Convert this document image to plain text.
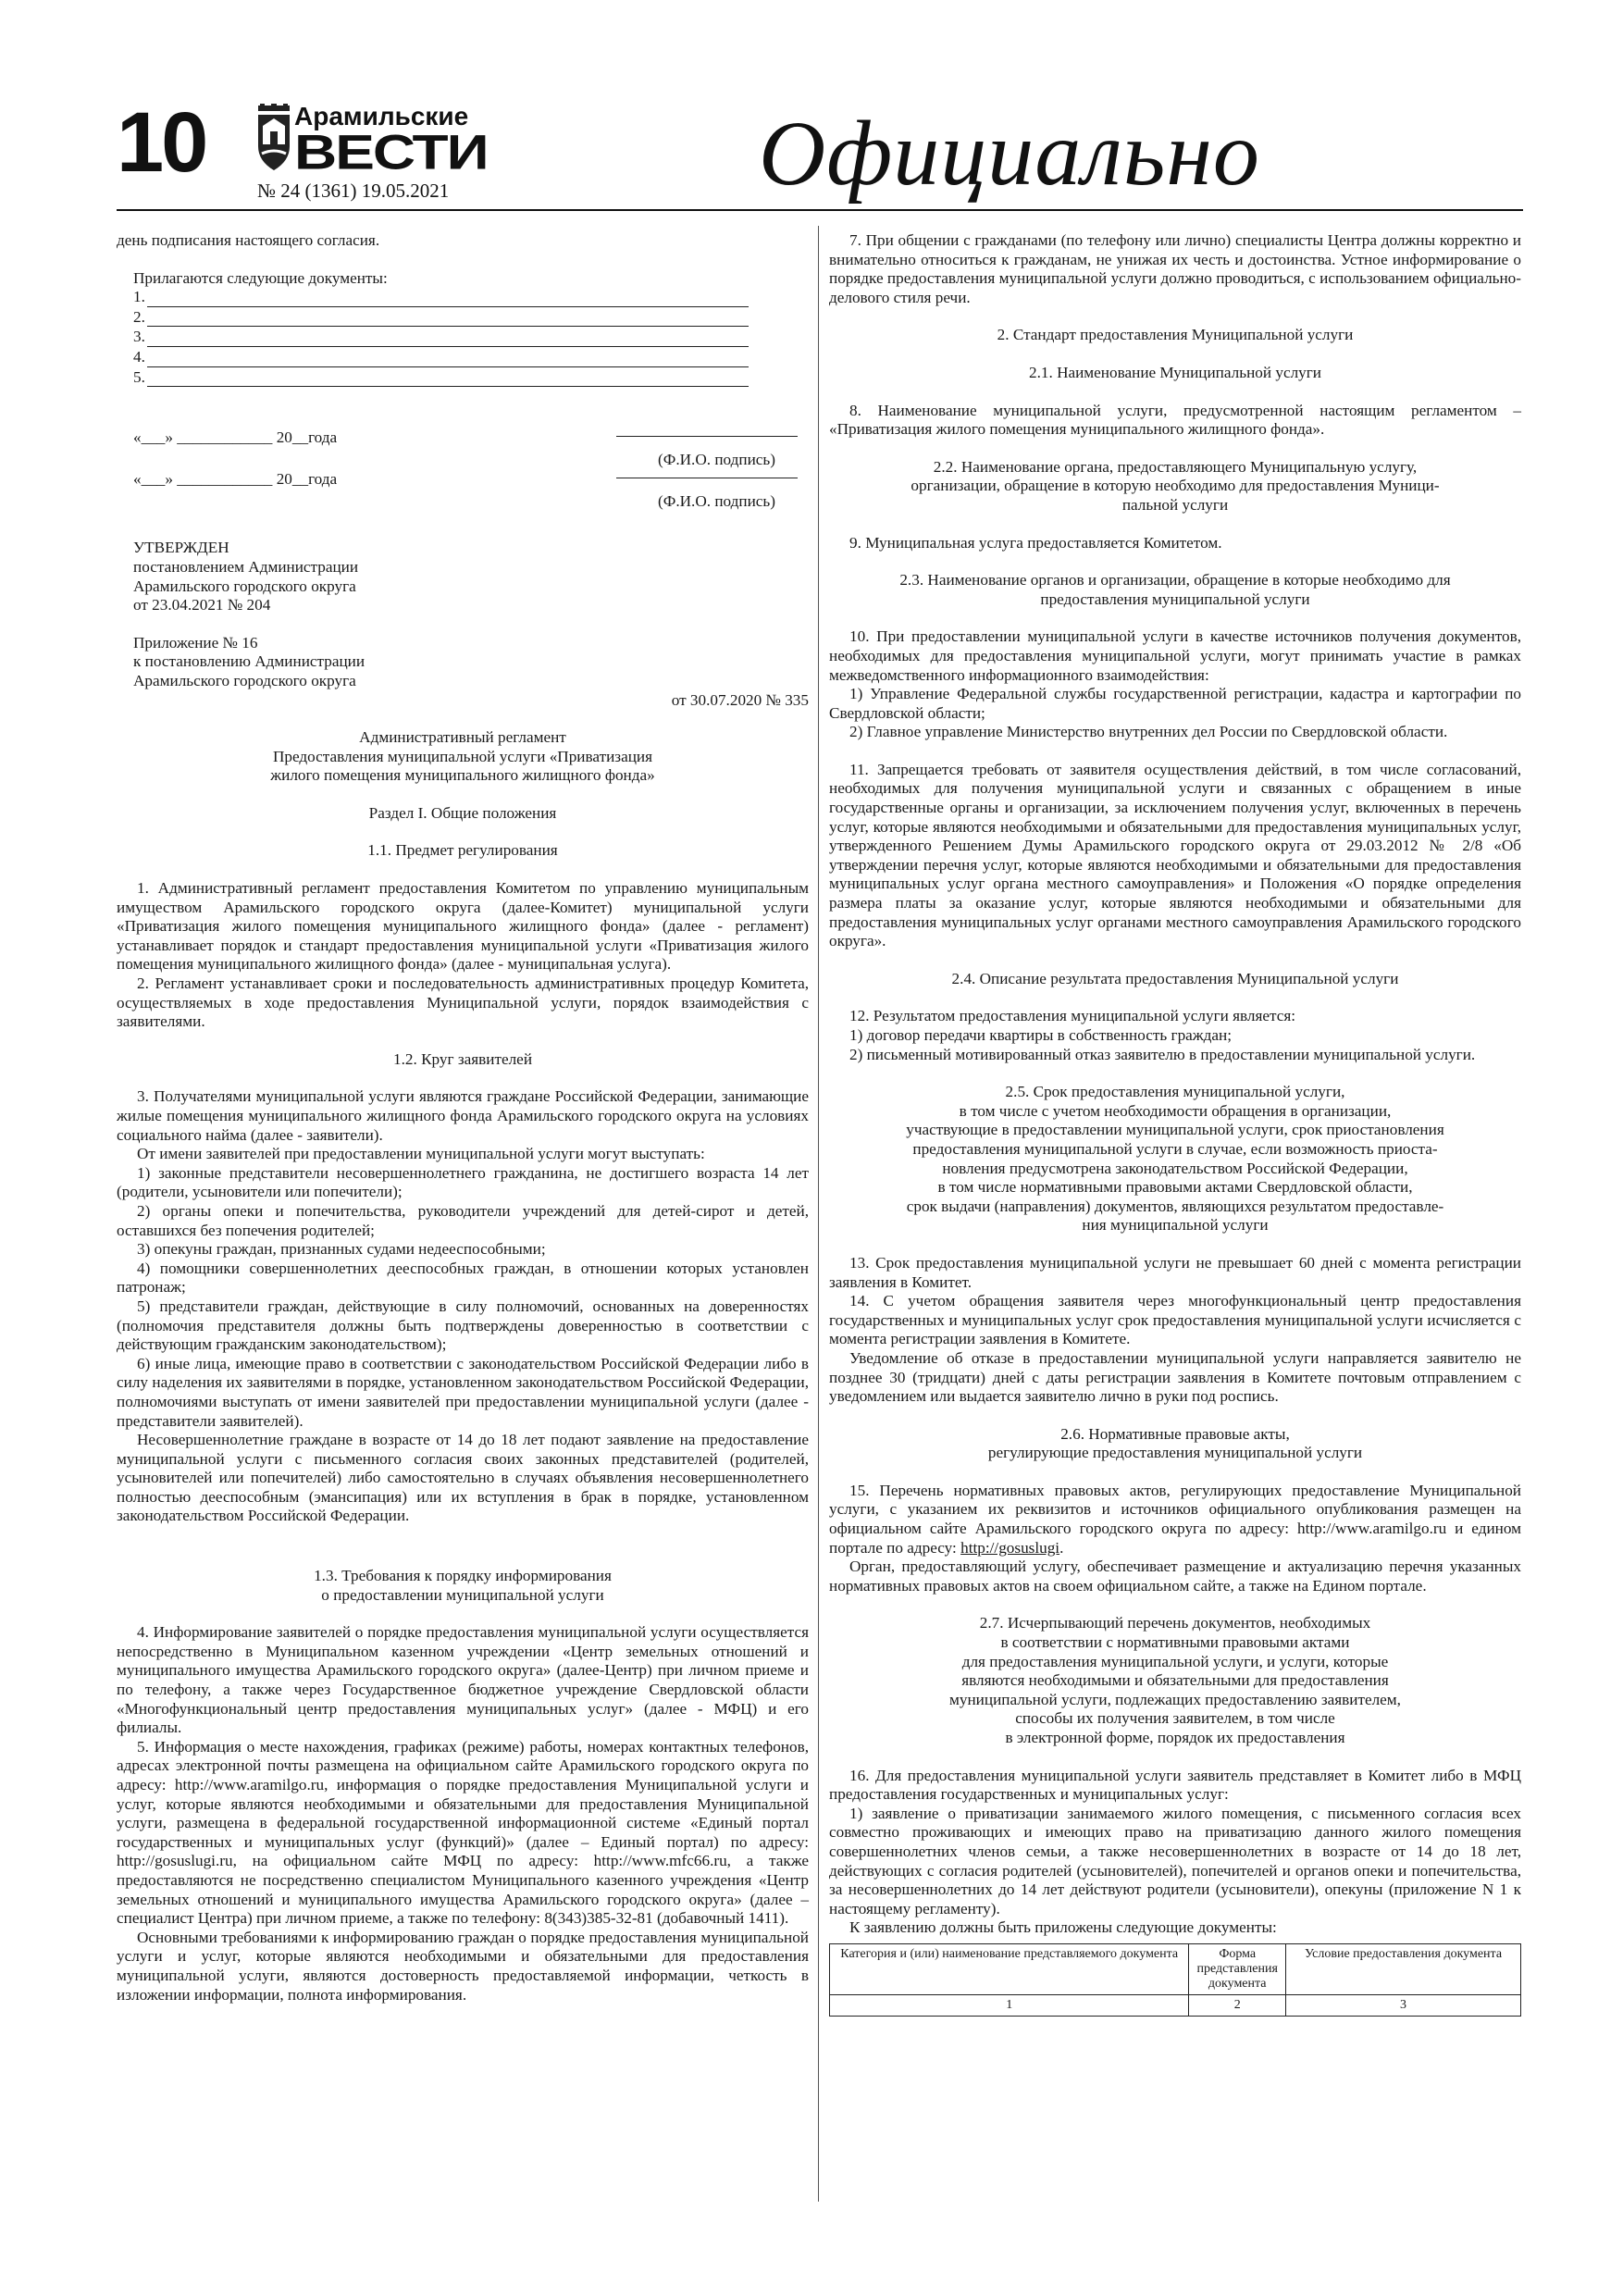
10	Арамильские
ВЕСТИ
№ 24 (1361) 19.05.2021	Официально

день подписания настоящего согласия.

Прилагаются следующие документы:

1.
2.
3.
4.
5.
«___» ____________ 20__года

(Ф.И.О. подпись)

«___» ____________ 20__года

(Ф.И.О. подпись)

УТВЕРЖДЕН

постановлением Администрации

Арамильского городского округа

от 23.04.2021 № 204

Приложение № 16

к постановлению Администрации

Арамильского городского округа

от 30.07.2020 № 335

Административный регламент

Предоставления муниципальной услуги «Приватизация

жилого помещения муниципального жилищного фонда»

Раздел I. Общие положения

1.1. Предмет регулирования

1. Административный регламент предоставления Комитетом по управлению муниципальным имуществом Арамильского городского округа (далее-Комитет) муниципальной услуги «Приватизация жилого помещения муниципального жилищного фонда» (далее - регламент) устанавливает порядок и стандарт предоставления муниципальной услуги «Приватизация жилого помещения муниципального жилищного фонда» (далее - муниципальная услуга).

2. Регламент устанавливает сроки и последовательность административных процедур Комитета, осуществляемых в ходе предоставления Муниципальной услуги, порядок взаимодействия с заявителями.

1.2. Круг заявителей

3. Получателями муниципальной услуги являются граждане Российской Федерации, занимающие жилые помещения муниципального жилищного фонда Арамильского городского округа на условиях социального найма (далее - заявители).

От имени заявителей при предоставлении муниципальной услуги могут выступать:

1) законные представители несовершеннолетнего гражданина, не достигшего возраста 14 лет (родители, усыновители или попечители);

2) органы опеки и попечительства, руководители учреждений для детей-сирот и детей, оставшихся без попечения родителей;

3) опекуны граждан, признанных судами недееспособными;

4) помощники совершеннолетних дееспособных граждан, в отношении которых установлен патронаж;

5) представители граждан, действующие в силу полномочий, основанных на доверенностях (полномочия представителя должны быть подтверждены доверенностью в соответствии с действующим гражданским законодательством);

6) иные лица, имеющие право в соответствии с законодательством Российской Федерации либо в силу наделения их заявителями в порядке, установленном законодательством Российской Федерации, полномочиями выступать от имени заявителей при предоставлении муниципальной услуги (далее - представители заявителей).

Несовершеннолетние граждане в возрасте от 14 до 18 лет подают заявление на предоставление муниципальной услуги с письменного согласия своих законных представителей (родителей, усыновителей или попечителей) либо самостоятельно в случаях объявления несовершеннолетнего полностью дееспособным (эмансипация) или их вступления в брак в порядке, установленном законодательством Российской Федерации.

1.3. Требования к порядку информирования

о предоставлении муниципальной услуги

4. Информирование заявителей о порядке предоставления муниципальной услуги осуществляется непосредственно в Муниципальном казенном учреждении «Центр земельных отношений и муниципального имущества Арамильского городского округа» (далее-Центр) при личном приеме и по телефону, а также через Государственное бюджетное учреждение Свердловской области «Многофункциональный центр предоставления муниципальных услуг» (далее - МФЦ) и его филиалы.

5. Информация о месте нахождения, графиках (режиме) работы, номерах контактных телефонов, адресах электронной почты размещена на официальном сайте Арамильского городского округа по адресу: http://www.aramilgo.ru, информация о порядке предоставления Муниципальной услуги и услуг, которые являются необходимыми и обязательными для предоставления Муниципальной услуги, размещена в федеральной государственной информационной системе «Единый портал государственных и муниципальных услуг (функций)» (далее – Единый портал) по адресу: http://gosuslugi.ru, на официальном сайте МФЦ по адресу: http://www.mfc66.ru, а также предоставляются не посредственно специалистом Муниципального казенного учреждения «Центр земельных отношений и муниципального имущества Арамильского городского округа» (далее – специалист Центра) при личном приеме, а также по телефону: 8(343)385-32-81 (добавочный 1411).

Основными требованиями к информированию граждан о порядке предоставления муниципальной услуги и услуг, которые являются необходимыми и обязательными для предоставления муниципальной услуги, являются достоверность предоставляемой информации, четкость в изложении информации, полнота информирования.

7. При общении с гражданами (по телефону или лично) специалисты Центра должны корректно и внимательно относиться к гражданам, не унижая их честь и достоинства. Устное информирование о порядке предоставления муниципальной услуги должно проводиться, с использованием официально-делового стиля речи.

2. Стандарт предоставления Муниципальной услуги

2.1. Наименование Муниципальной услуги

8. Наименование муниципальной услуги, предусмотренной настоящим регламентом – «Приватизация жилого помещения муниципального жилищного фонда».

2.2. Наименование органа, предоставляющего Муниципальную услугу,

организации, обращение в которую необходимо для предоставления Муници-

пальной услуги

9. Муниципальная услуга предоставляется Комитетом.

2.3. Наименование органов и организации, обращение в которые необходимо для

предоставления муниципальной услуги

10. При предоставлении муниципальной услуги в качестве источников получения документов, необходимых для предоставления муниципальной услуги, могут принимать участие в рамках межведомственного информационного взаимодействия:

1) Управление Федеральной службы государственной регистрации, кадастра и картографии по Свердловской области;

2) Главное управление Министерство внутренних дел России по Свердловской области.

11. Запрещается требовать от заявителя осуществления действий, в том числе согласований, необходимых для получения муниципальной услуги и связанных с обращением в иные государственные органы и организации, за исключением получения услуг, включенных в перечень услуг, которые являются необходимыми и обязательными для предоставления муниципальных услуг, утвержденного Решением Думы Арамильского городского округа от 29.03.2012 № 2/8 «Об утверждении перечня услуг, которые являются необходимыми и обязательными для предоставления муниципальных услуг органа местного самоуправления» и Положения «О порядке определения размера платы за оказание услуг, которые являются необходимыми и обязательными для предоставления муниципальных услуг органами местного самоуправления Арамильского городского округа».

2.4. Описание результата предоставления Муниципальной услуги

12. Результатом предоставления муниципальной услуги является:

1) договор передачи квартиры в собственность граждан;

2) письменный мотивированный отказ заявителю в предоставлении муниципальной услуги.

2.5. Срок предоставления муниципальной услуги,

в том числе с учетом необходимости обращения в организации,

участвующие в предоставлении муниципальной услуги, срок приостановления

предоставления муниципальной услуги в случае, если возможность приоста-

новления предусмотрена законодательством Российской Федерации,

в том числе нормативными правовыми актами Свердловской области,

срок выдачи (направления) документов, являющихся результатом предоставле-

ния муниципальной услуги

13. Срок предоставления муниципальной услуги не превышает 60 дней с момента регистрации заявления в Комитет.

14. С учетом обращения заявителя через многофункциональный центр предоставления государственных и муниципальных услуг срок предоставления муниципальной услуги исчисляется с момента регистрации заявления в Комитете.

Уведомление об отказе в предоставлении муниципальной услуги направляется заявителю не позднее 30 (тридцати) дней с даты регистрации заявления в Комитете почтовым отправлением с уведомлением или выдается заявителю лично в руки под роспись.

2.6. Нормативные правовые акты,

регулирующие предоставления муниципальной услуги

15. Перечень нормативных правовых актов, регулирующих предоставление Муниципальной услуги, с указанием их реквизитов и источников официального опубликования размещен на официальном сайте Арамильского городского округа по адресу: http://www.aramilgo.ru и едином портале по адресу: http://gosuslugi.

Орган, предоставляющий услугу, обеспечивает размещение и актуализацию перечня указанных нормативных правовых актов на своем официальном сайте, а также на Едином портале.

2.7. Исчерпывающий перечень документов, необходимых

в соответствии с нормативными правовыми актами

для предоставления муниципальной услуги, и услуги, которые

являются необходимыми и обязательными для предоставления

муниципальной услуги, подлежащих предоставлению заявителем,

способы их получения заявителем, в том числе

в электронной форме, порядок их предоставления

16. Для предоставления муниципальной услуги заявитель представляет в Комитет либо в МФЦ предоставления государственных и муниципальных услуг:

1) заявление о приватизации занимаемого жилого помещения, с письменного согласия всех совместно проживающих и имеющих право на приватизацию данного жилого помещения совершеннолетних членов семьи, а также несовершеннолетних в возрасте от 14 до 18 лет, действующих с согласия родителей (усыновителей), попечителей и органов опеки и попечительства, за несовершеннолетних до 14 лет действуют родители (усыновители), опекуны (приложение N 1 к настоящему регламенту).

К заявлению должны быть приложены следующие документы:

Категория и (или) наименование представляемого документа	Форма представления документа	Условие предоставления документа
1	2	3
